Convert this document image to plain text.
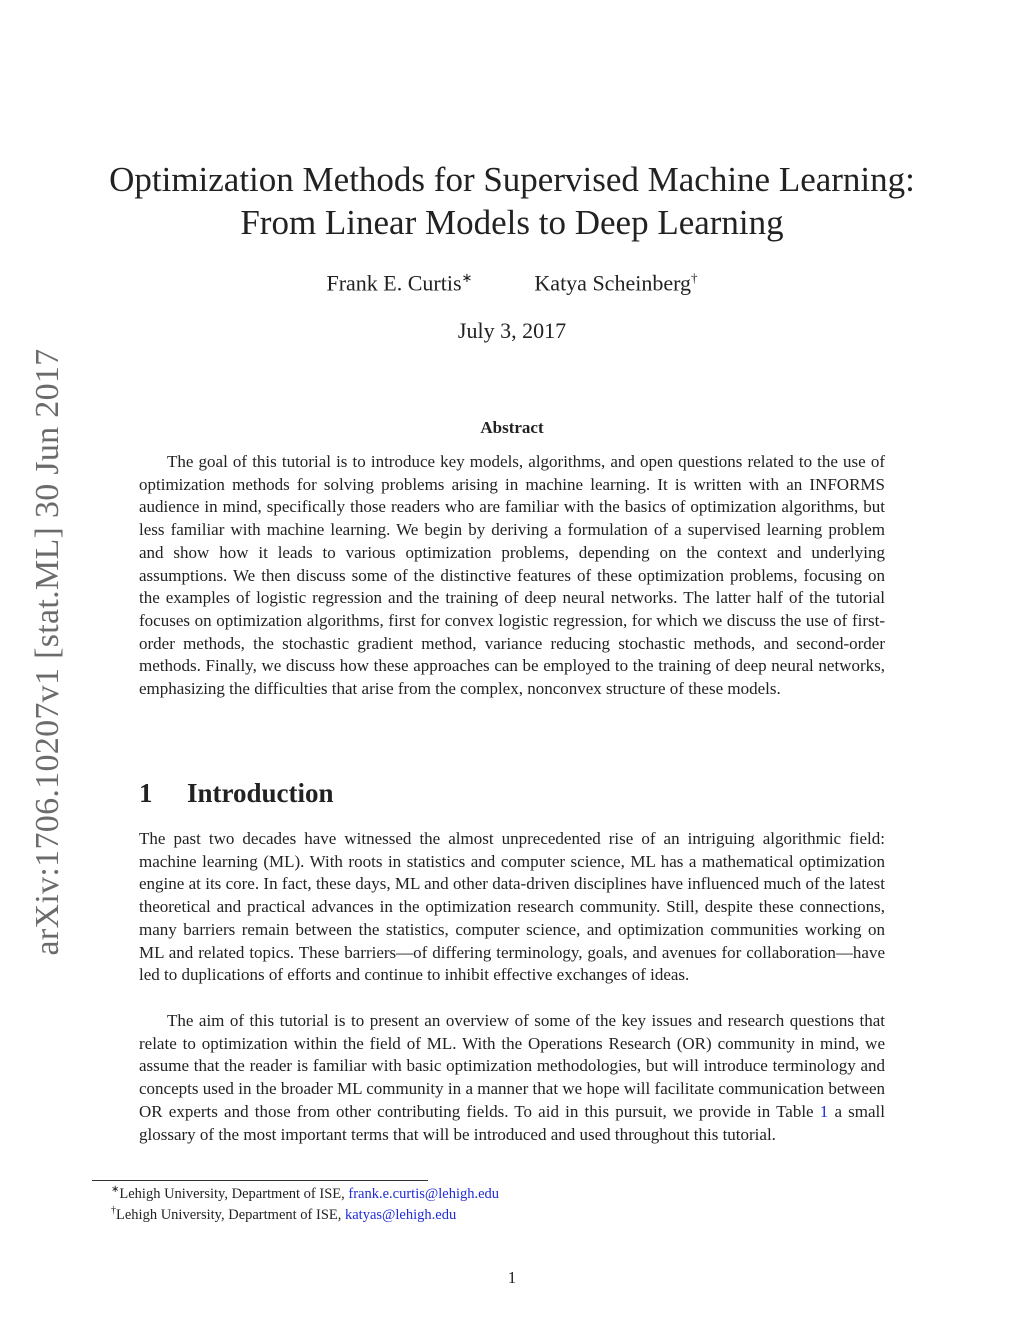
arXiv:1706.10207v1 [stat.ML] 30 Jun 2017
Optimization Methods for Supervised Machine Learning:
From Linear Models to Deep Learning
Frank E. Curtis∗	Katya Scheinberg†
July 3, 2017
Abstract

The goal of this tutorial is to introduce key models, algorithms, and open questions related to the use of optimization methods for solving problems arising in machine learning. It is written with an INFORMS audience in mind, specifically those readers who are familiar with the basics of optimization algorithms, but less familiar with machine learning. We begin by deriving a formulation of a supervised learning problem and show how it leads to various optimization problems, depending on the context and underlying assumptions. We then discuss some of the distinctive features of these optimization problems, focusing on the examples of logistic regression and the training of deep neural networks. The latter half of the tutorial focuses on optimization algorithms, first for convex logistic regression, for which we discuss the use of first-order methods, the stochastic gradient method, variance reducing stochastic methods, and second-order methods. Finally, we discuss how these approaches can be employed to the training of deep neural networks, emphasizing the difficulties that arise from the complex, nonconvex structure of these models.

1 Introduction

The past two decades have witnessed the almost unprecedented rise of an intriguing algorithmic field: machine learning (ML). With roots in statistics and computer science, ML has a mathematical optimization engine at its core. In fact, these days, ML and other data-driven disciplines have influenced much of the latest theoretical and practical advances in the optimization research community. Still, despite these connections, many barriers remain between the statistics, computer science, and optimization communities working on ML and related topics. These barriers—of differing terminology, goals, and avenues for collaboration—have led to duplications of efforts and continue to inhibit effective exchanges of ideas.

The aim of this tutorial is to present an overview of some of the key issues and research questions that relate to optimization within the field of ML. With the Operations Research (OR) community in mind, we assume that the reader is familiar with basic optimization methodologies, but will introduce terminology and concepts used in the broader ML community in a manner that we hope will facilitate communication between OR experts and those from other contributing fields. To aid in this pursuit, we provide in Table 1 a small glossary of the most important terms that will be introduced and used throughout this tutorial.

∗Lehigh University, Department of ISE, frank.e.curtis@lehigh.edu
†Lehigh University, Department of ISE, katyas@lehigh.edu
1
